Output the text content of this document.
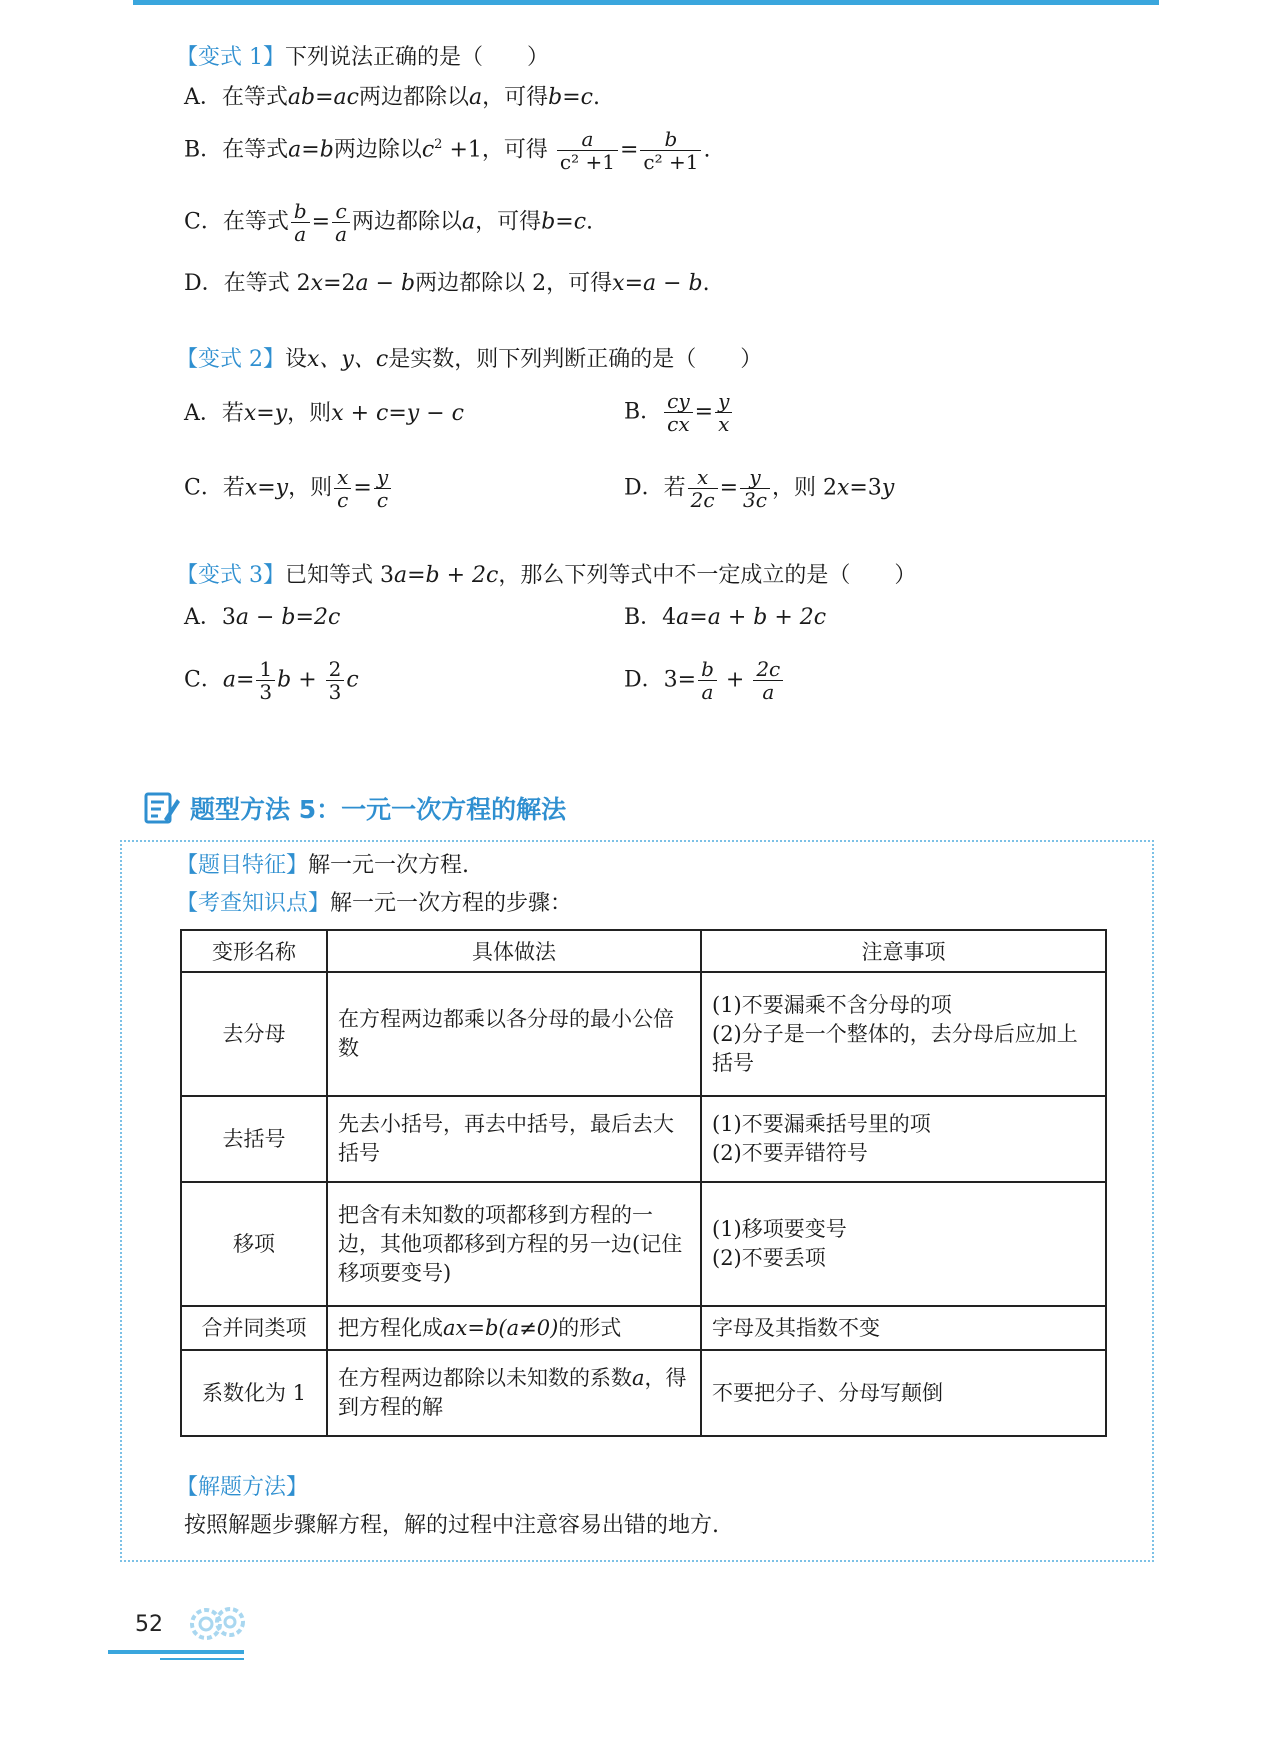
【变式 1】下列说法正确的是（　　）
A．在等式ab=ac两边都除以a，可得b=c.
B．在等式a=b两边除以$c^2 +1$，可得 $\frac{a}{\text{c² +1}} = \frac{b}{\text{c² +1}}$ .
C．在等式 $\frac{b}{a} = \frac{c}{a}$ 两边都除以a，可得b=c.
D．在等式 2x=2a − b两边都除以 2，可得x=a − b.
【变式 2】设x、y、c是实数，则下列判断正确的是（　　）
A．若x=y，则x + c=y − c	B． $\frac{cy}{cx} = \frac{y}{x}$
C．若x=y，则 $\frac{x}{c} = \frac{y}{c}$	D．若 $\frac{x}{2c} = \frac{y}{3c}$ ，则 2x=3y
【变式 3】已知等式 3a=b + 2c，那么下列等式中不一定成立的是（　　）
A．3a − b=2c	B．4a=a + b + 2c
C．$a= \frac{1}{3}$ $b + \frac{2}{3}$ c	D．$3= \frac{b}{a} + \frac{2c}{a}$
题型方法 5：一元一次方程的解法
【题目特征】解一元一次方程.
【考查知识点】解一元一次方程的步骤：
变形名称	具体做法	注意事项
去分母	在方程两边都乘以各分母的最小公倍数	(1)不要漏乘不含分母的项
(2)分子是一个整体的，去分母后应加上括号

去括号	先去小括号，再去中括号，最后去大括号	(1)不要漏乘括号里的项
(2)不要弄错符号

移项	把含有未知数的项都移到方程的一边，其他项都移到方程的另一边(记住移项要变号)	(1)移项要变号
(2)不要丢项

合并同类项	把方程化成ax=b(a≠0)的形式	字母及其指数不变
系数化为 1	在方程两边都除以未知数的系数a，得到方程的解	不要把分子、分母写颠倒
【解题方法】
按照解题步骤解方程，解的过程中注意容易出错的地方.
52
